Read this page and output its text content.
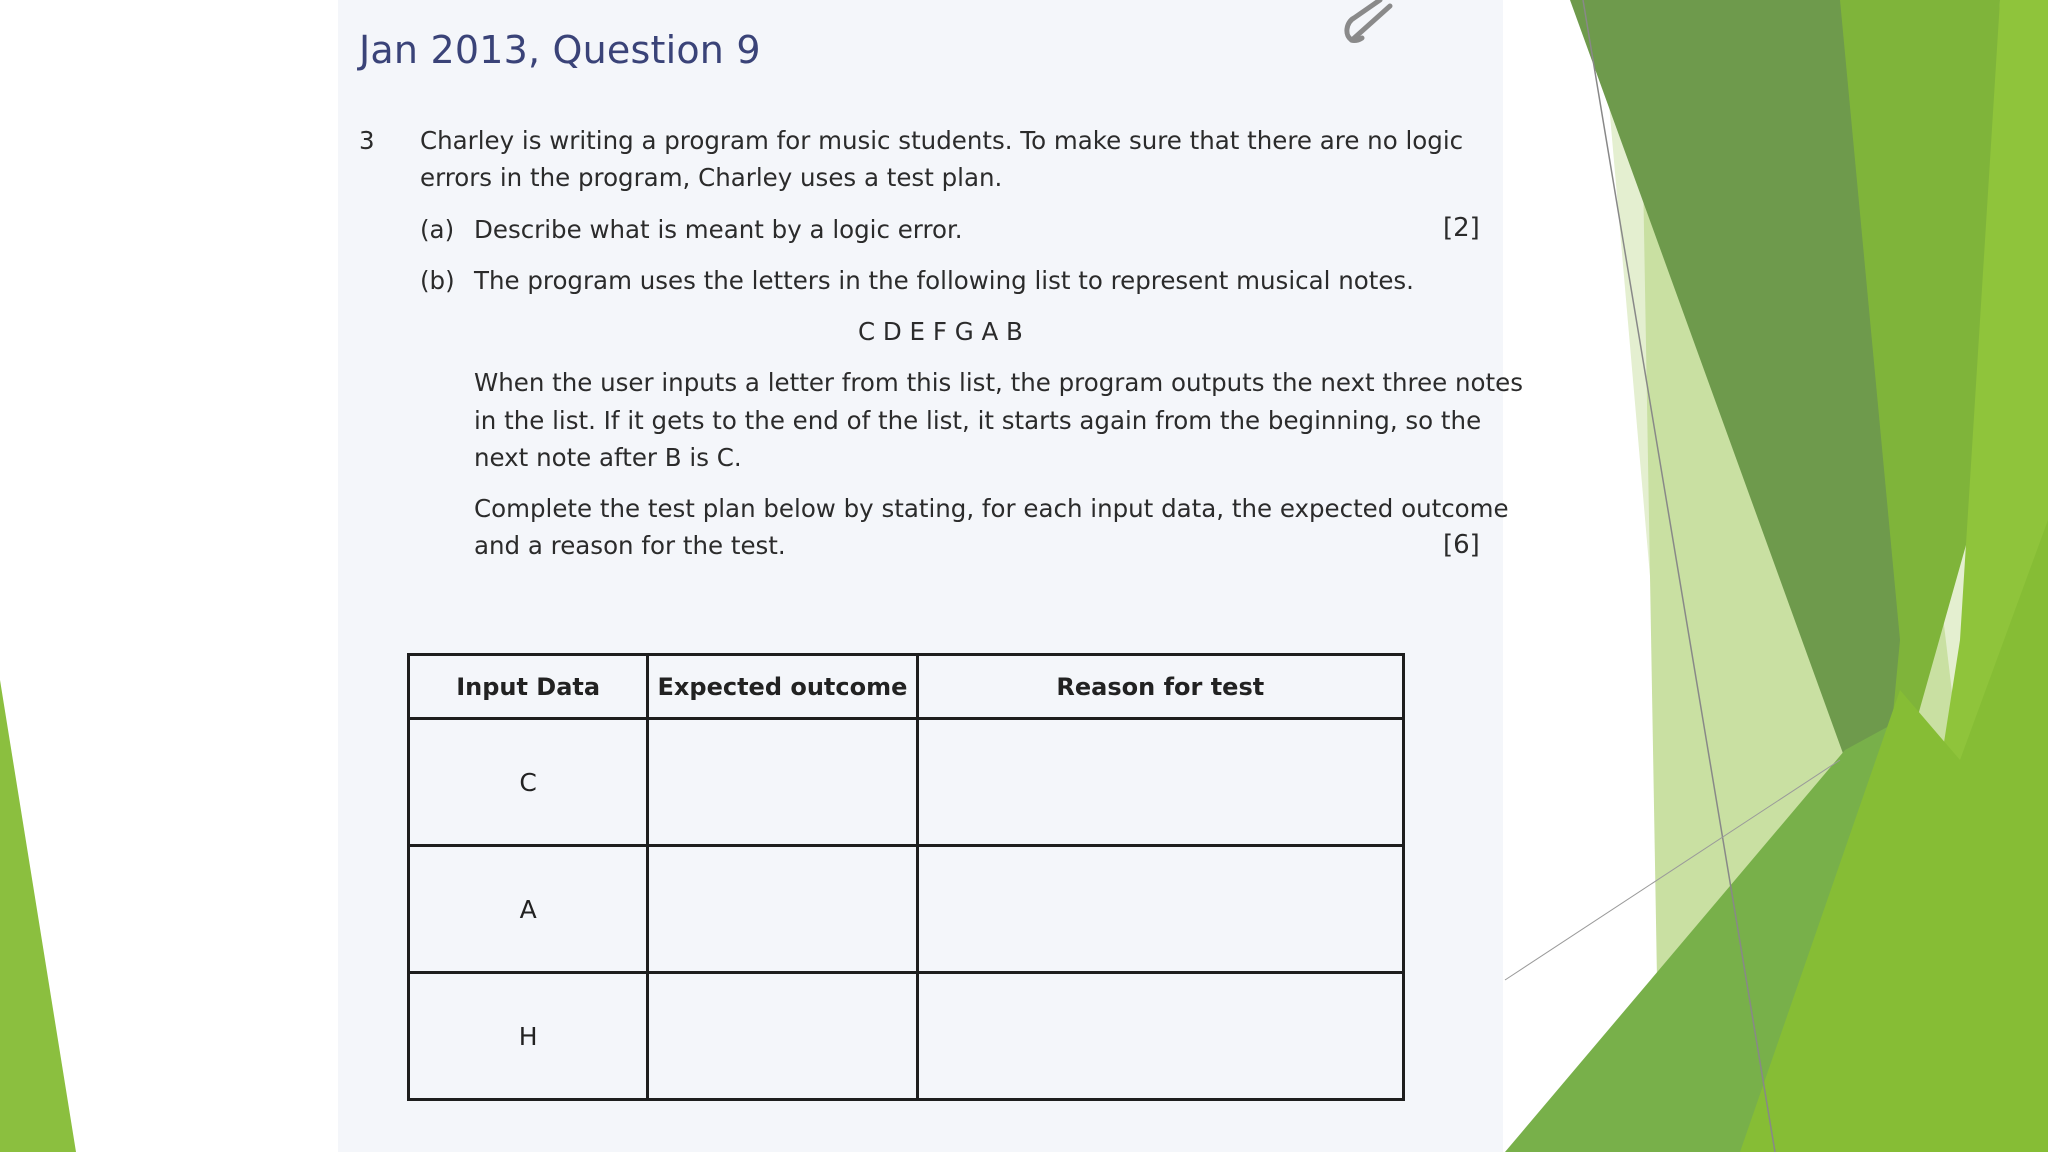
Jan 2013, Question 9
3 Charley is writing a program for music students. To make sure that there are no logic
errors in the program, Charley uses a test plan.
(a) Describe what is meant by a logic error.	[2]
(b) The program uses the letters in the following list to represent musical notes.
C D E F G A B
When the user inputs a letter from this list, the program outputs the next three notes
in the list. If it gets to the end of the list, it starts again from the beginning, so the
next note after B is C.
Complete the test plan below by stating, for each input data, the expected outcome
and a reason for the test.	[6]
Input Data	Expected outcome	Reason for test
C		
A		
H		
